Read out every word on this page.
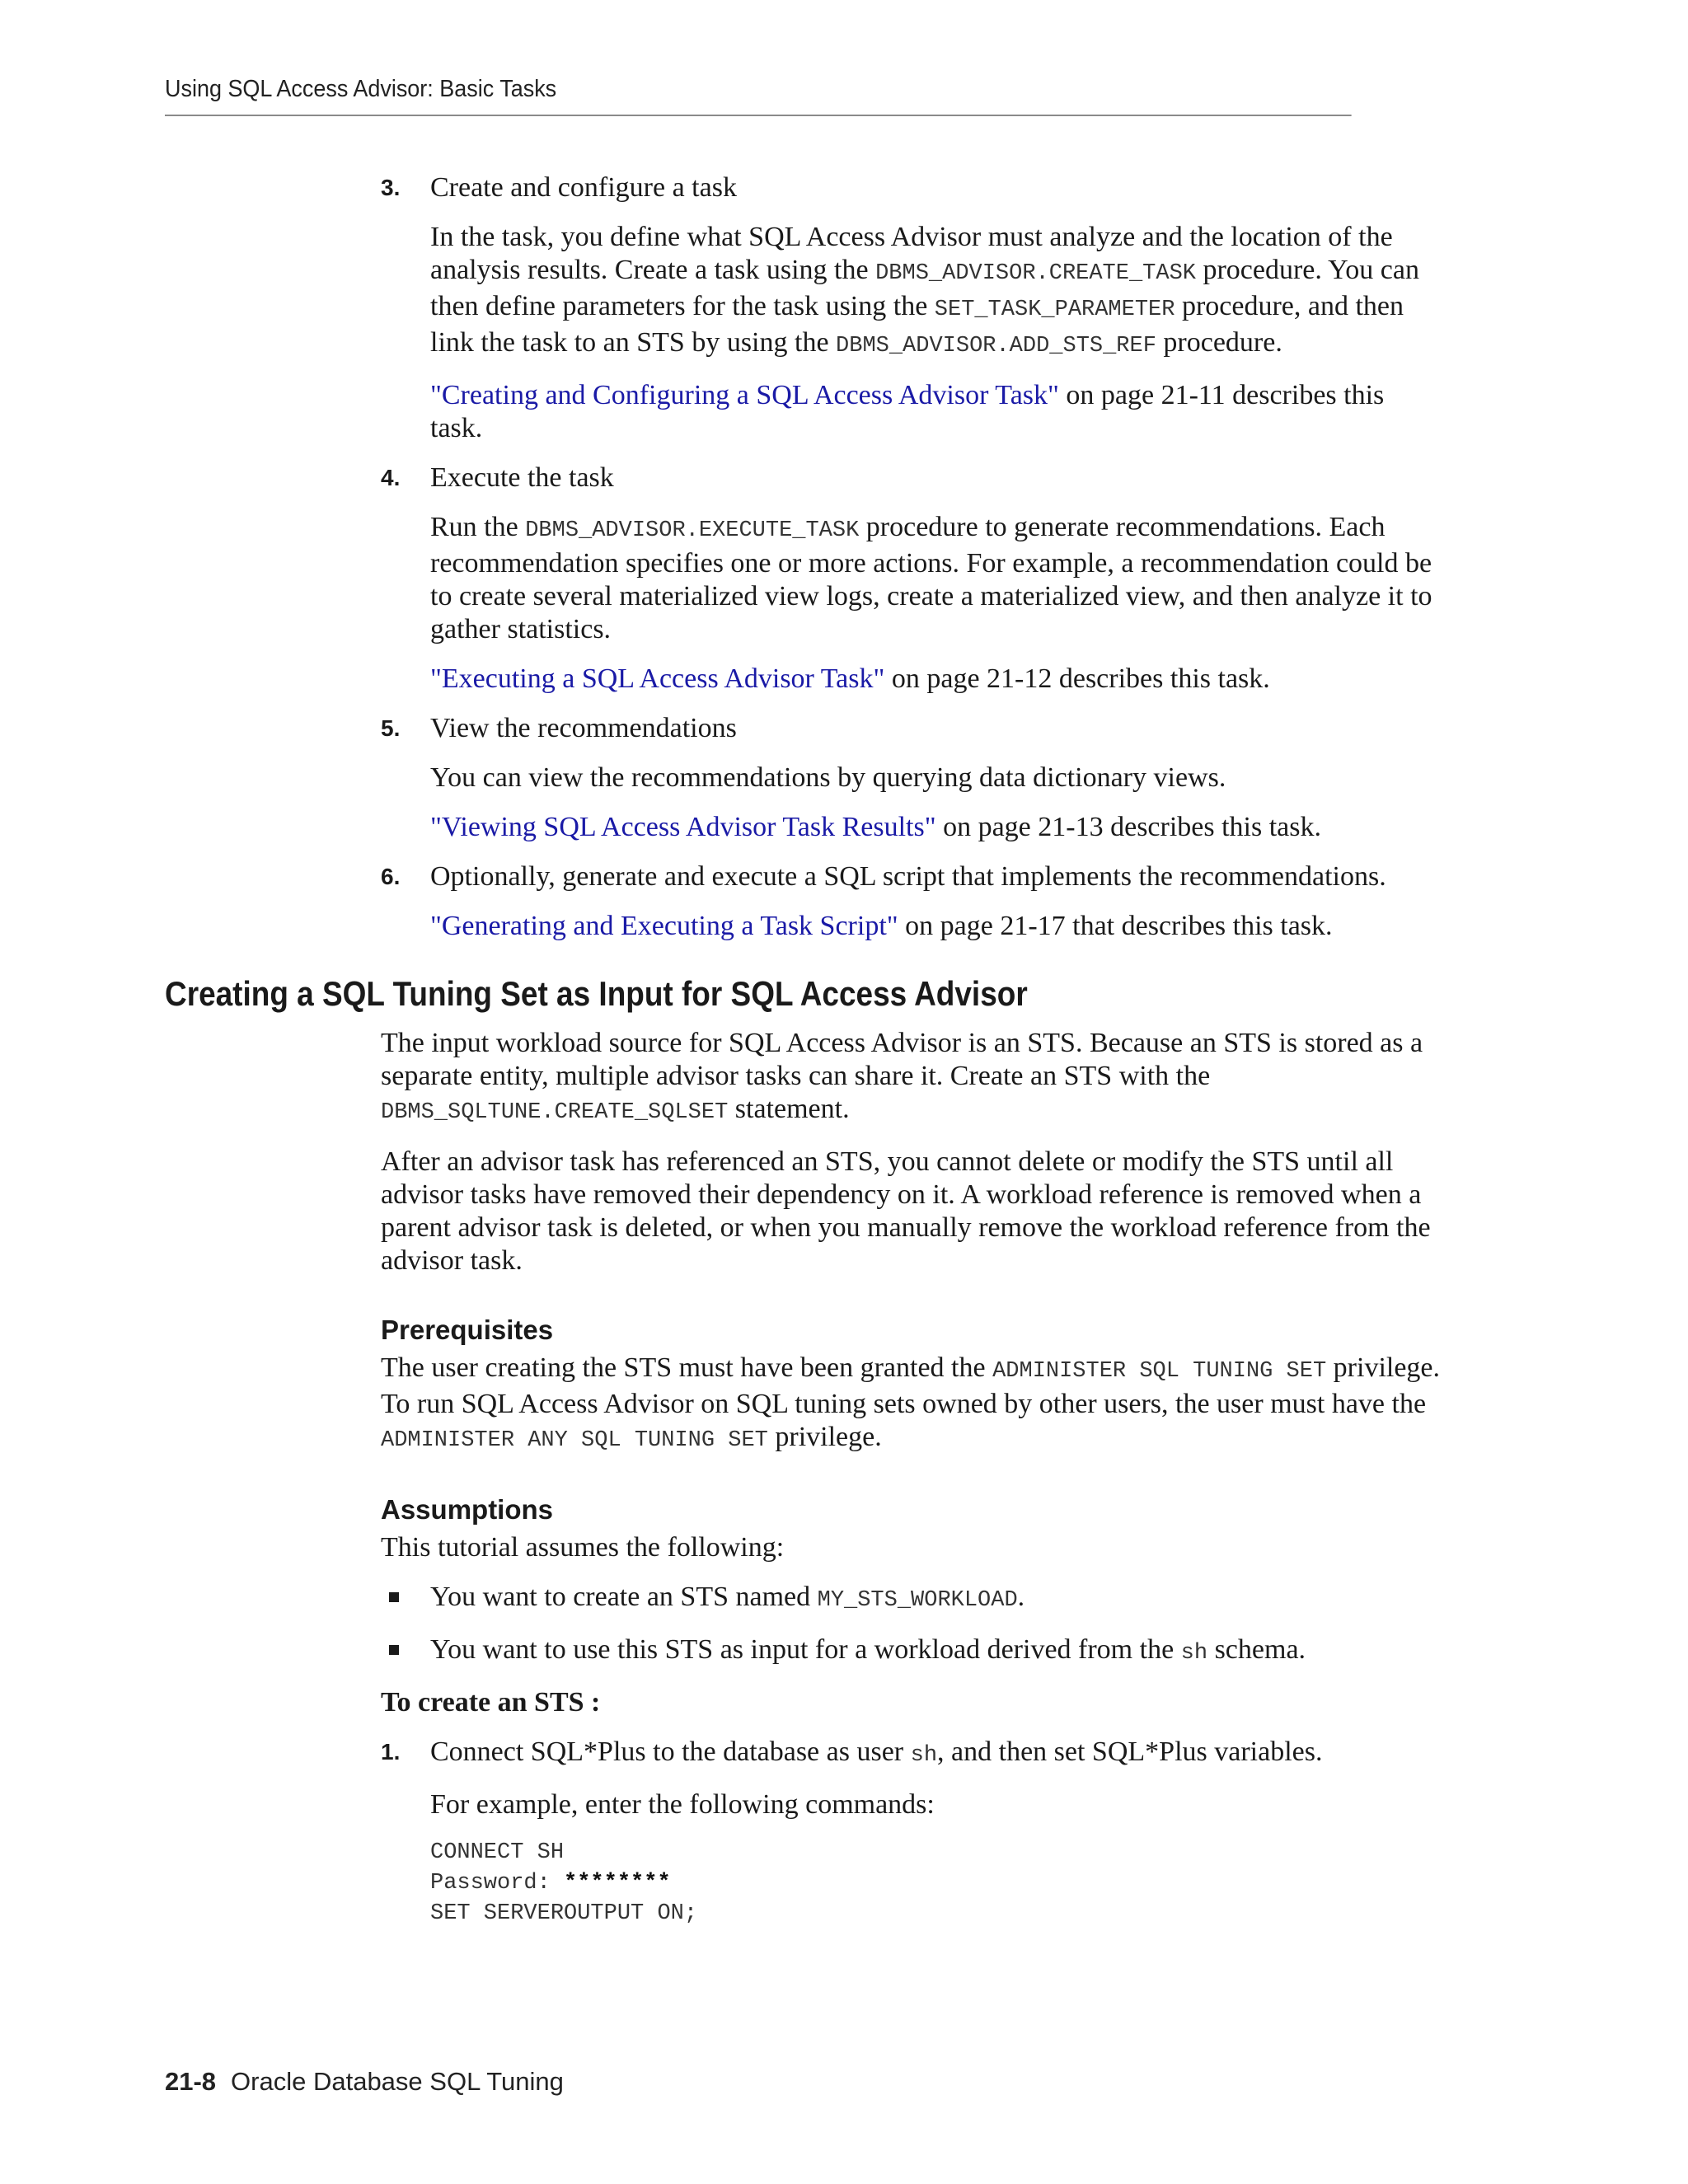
Using SQL Access Advisor: Basic Tasks
3. Create and configure a task

In the task, you define what SQL Access Advisor must analyze and the location of the analysis results. Create a task using the DBMS_ADVISOR.CREATE_TASK procedure. You can then define parameters for the task using the SET_TASK_PARAMETER procedure, and then link the task to an STS by using the DBMS_ADVISOR.ADD_STS_REF procedure.

"Creating and Configuring a SQL Access Advisor Task" on page 21-11 describes this task.

4. Execute the task

Run the DBMS_ADVISOR.EXECUTE_TASK procedure to generate recommendations. Each recommendation specifies one or more actions. For example, a recommendation could be to create several materialized view logs, create a materialized view, and then analyze it to gather statistics.

"Executing a SQL Access Advisor Task" on page 21-12 describes this task.

5. View the recommendations

You can view the recommendations by querying data dictionary views.

"Viewing SQL Access Advisor Task Results" on page 21-13 describes this task.

6. Optionally, generate and execute a SQL script that implements the recommendations.

"Generating and Executing a Task Script" on page 21-17 that describes this task.

Creating a SQL Tuning Set as Input for SQL Access Advisor

The input workload source for SQL Access Advisor is an STS. Because an STS is stored as a separate entity, multiple advisor tasks can share it. Create an STS with the DBMS_SQLTUNE.CREATE_SQLSET statement.

After an advisor task has referenced an STS, you cannot delete or modify the STS until all advisor tasks have removed their dependency on it. A workload reference is removed when a parent advisor task is deleted, or when you manually remove the workload reference from the advisor task.

Prerequisites

The user creating the STS must have been granted the ADMINISTER SQL TUNING SET privilege. To run SQL Access Advisor on SQL tuning sets owned by other users, the user must have the ADMINISTER ANY SQL TUNING SET privilege.

Assumptions

This tutorial assumes the following:

You want to create an STS named MY_STS_WORKLOAD.

You want to use this STS as input for a workload derived from the sh schema.

To create an STS :

1. Connect SQL*Plus to the database as user sh, and then set SQL*Plus variables.

For example, enter the following commands:

CONNECT SH
Password: ********
SET SERVEROUTPUT ON;
21-8 Oracle Database SQL Tuning
